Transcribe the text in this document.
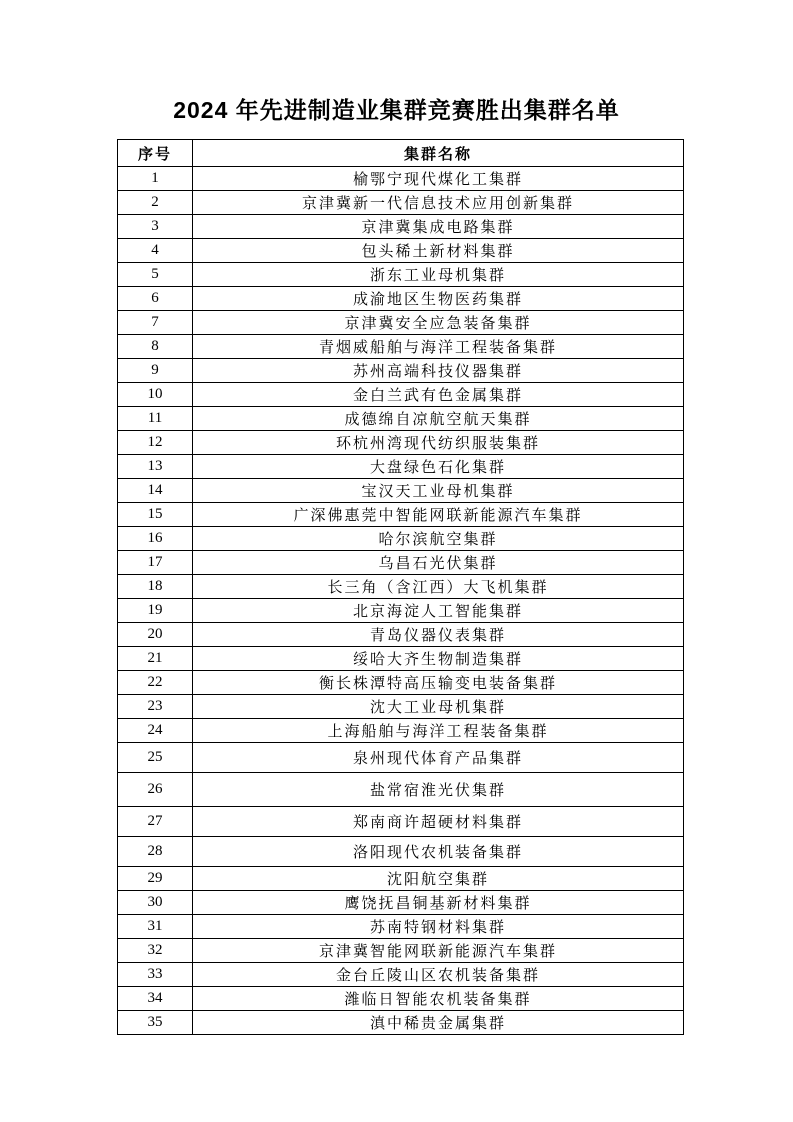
2024 年先进制造业集群竞赛胜出集群名单
序号	集群名称
1	榆鄂宁现代煤化工集群
2	京津冀新一代信息技术应用创新集群
3	京津冀集成电路集群
4	包头稀土新材料集群
5	浙东工业母机集群
6	成渝地区生物医药集群
7	京津冀安全应急装备集群
8	青烟威船舶与海洋工程装备集群
9	苏州高端科技仪器集群
10	金白兰武有色金属集群
11	成德绵自凉航空航天集群
12	环杭州湾现代纺织服装集群
13	大盘绿色石化集群
14	宝汉天工业母机集群
15	广深佛惠莞中智能网联新能源汽车集群
16	哈尔滨航空集群
17	乌昌石光伏集群
18	长三角（含江西）大飞机集群
19	北京海淀人工智能集群
20	青岛仪器仪表集群
21	绥哈大齐生物制造集群
22	衡长株潭特高压输变电装备集群
23	沈大工业母机集群
24	上海船舶与海洋工程装备集群
25	泉州现代体育产品集群
26	盐常宿淮光伏集群
27	郑南商许超硬材料集群
28	洛阳现代农机装备集群
29	沈阳航空集群
30	鹰饶抚昌铜基新材料集群
31	苏南特钢材料集群
32	京津冀智能网联新能源汽车集群
33	金台丘陵山区农机装备集群
34	潍临日智能农机装备集群
35	滇中稀贵金属集群
